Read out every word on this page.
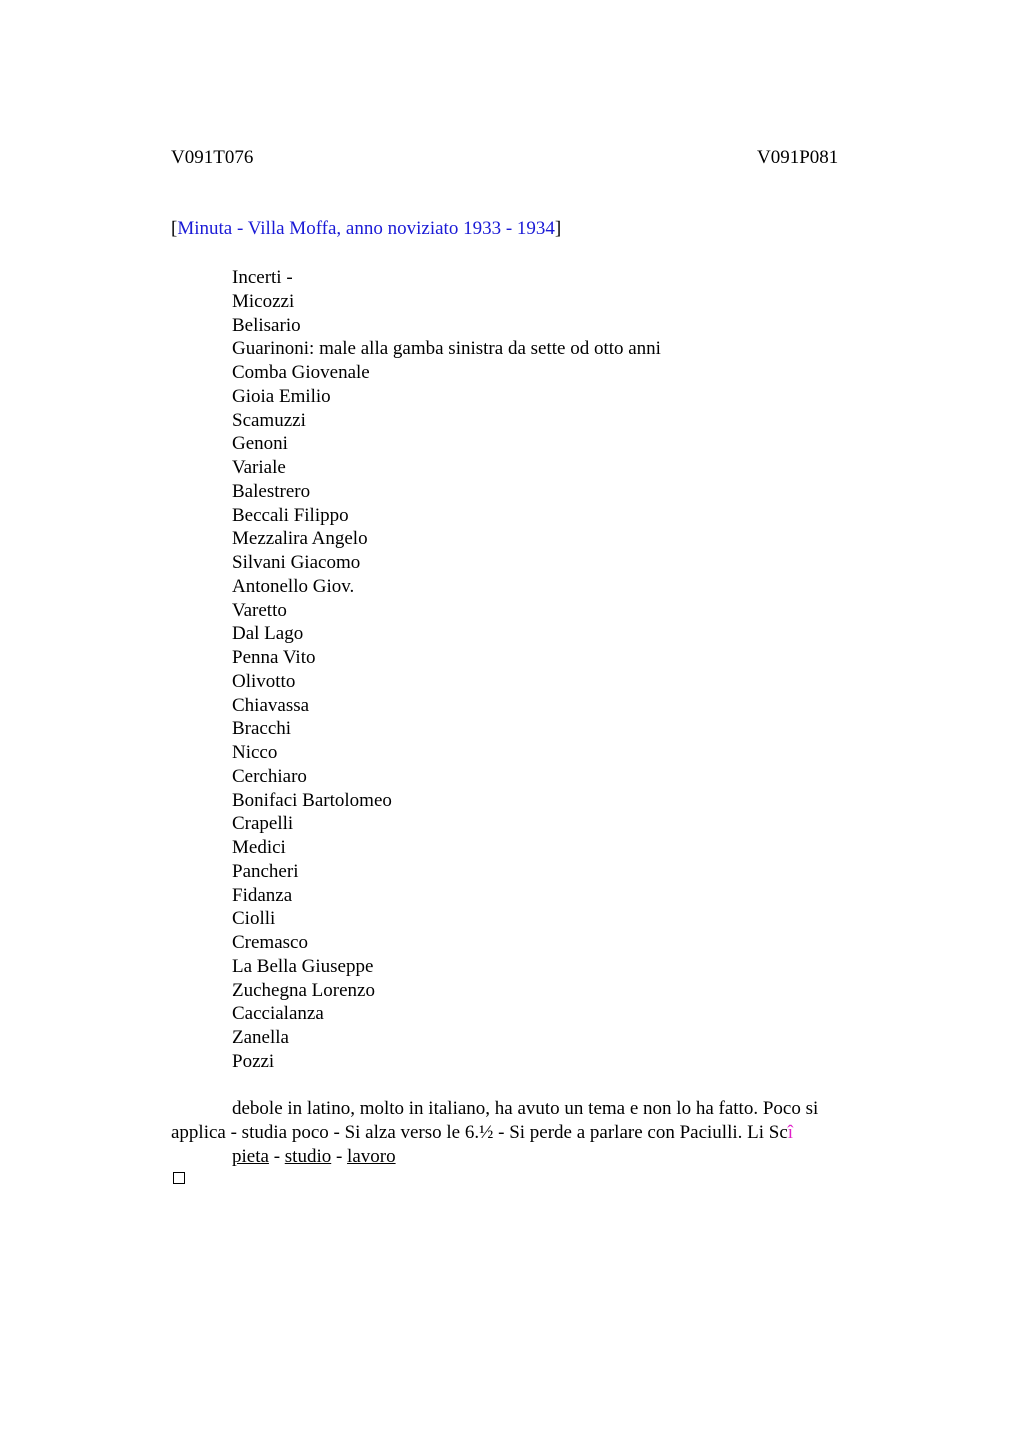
V091T076	V091P081
[Minuta - Villa Moffa, anno noviziato 1933 - 1934]
Incerti -
Micozzi
Belisario
Guarinoni: male alla gamba sinistra da sette od otto anni
Comba Giovenale
Gioia Emilio
Scamuzzi
Genoni
Variale
Balestrero
Beccali Filippo
Mezzalira Angelo
Silvani Giacomo
Antonello Giov.
Varetto
Dal Lago
Penna Vito
Olivotto
Chiavassa
Bracchi
Nicco
Cerchiaro
Bonifaci Bartolomeo
Crapelli
Medici
Pancheri
Fidanza
Ciolli
Cremasco
La Bella Giuseppe
Zuchegna Lorenzo
Caccialanza
Zanella
Pozzi
debole in latino, molto in italiano, ha avuto un tema e non lo ha fatto. Poco si applica - studia poco - Si alza verso le 6.½ - Si perde a parlare con Paciulli. Li Scî
pieta - studio - lavoro
